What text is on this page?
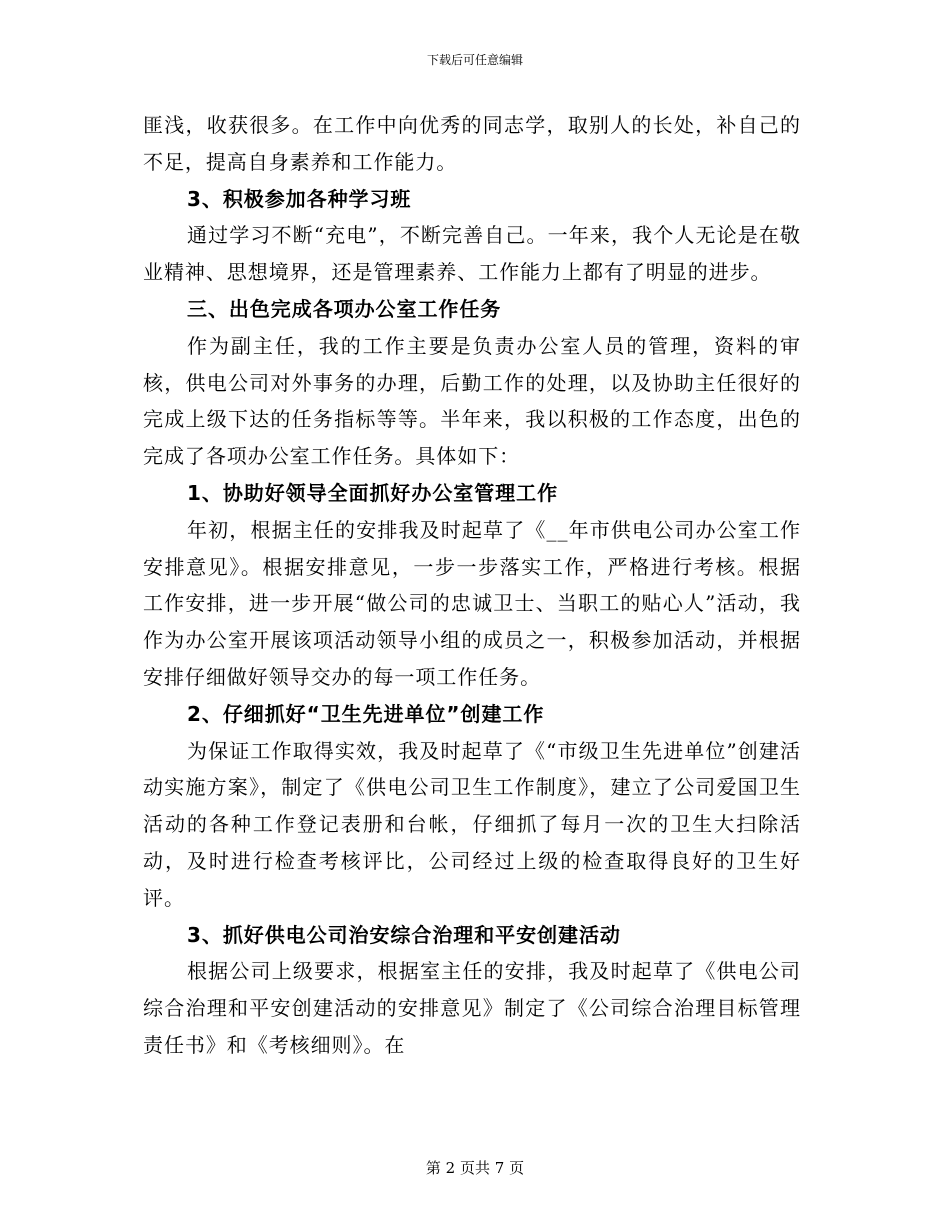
下载后可任意编辑

匪浅，收获很多。在工作中向优秀的同志学，取别人的长处，补自己的不足，提高自身素养和工作能力。

3、积极参加各种学习班

通过学习不断“充电”，不断完善自己。一年来，我个人无论是在敬业精神、思想境界，还是管理素养、工作能力上都有了明显的进步。

三、出色完成各项办公室工作任务

作为副主任，我的工作主要是负责办公室人员的管理，资料的审核，供电公司对外事务的办理，后勤工作的处理，以及协助主任很好的完成上级下达的任务指标等等。半年来，我以积极的工作态度，出色的完成了各项办公室工作任务。具体如下：

1、协助好领导全面抓好办公室管理工作

年初，根据主任的安排我及时起草了《__年市供电公司办公室工作安排意见》。根据安排意见，一步一步落实工作，严格进行考核。根据工作安排，进一步开展“做公司的忠诚卫士、当职工的贴心人”活动，我作为办公室开展该项活动领导小组的成员之一，积极参加活动，并根据安排仔细做好领导交办的每一项工作任务。

2、仔细抓好“卫生先进单位”创建工作

为保证工作取得实效，我及时起草了《“市级卫生先进单位”创建活动实施方案》，制定了《供电公司卫生工作制度》，建立了公司爱国卫生活动的各种工作登记表册和台帐，仔细抓了每月一次的卫生大扫除活动，及时进行检查考核评比，公司经过上级的检查取得良好的卫生好评。

3、抓好供电公司治安综合治理和平安创建活动

根据公司上级要求，根据室主任的安排，我及时起草了《供电公司综合治理和平安创建活动的安排意见》制定了《公司综合治理目标管理责任书》和《考核细则》。在

第 2 页共 7 页
